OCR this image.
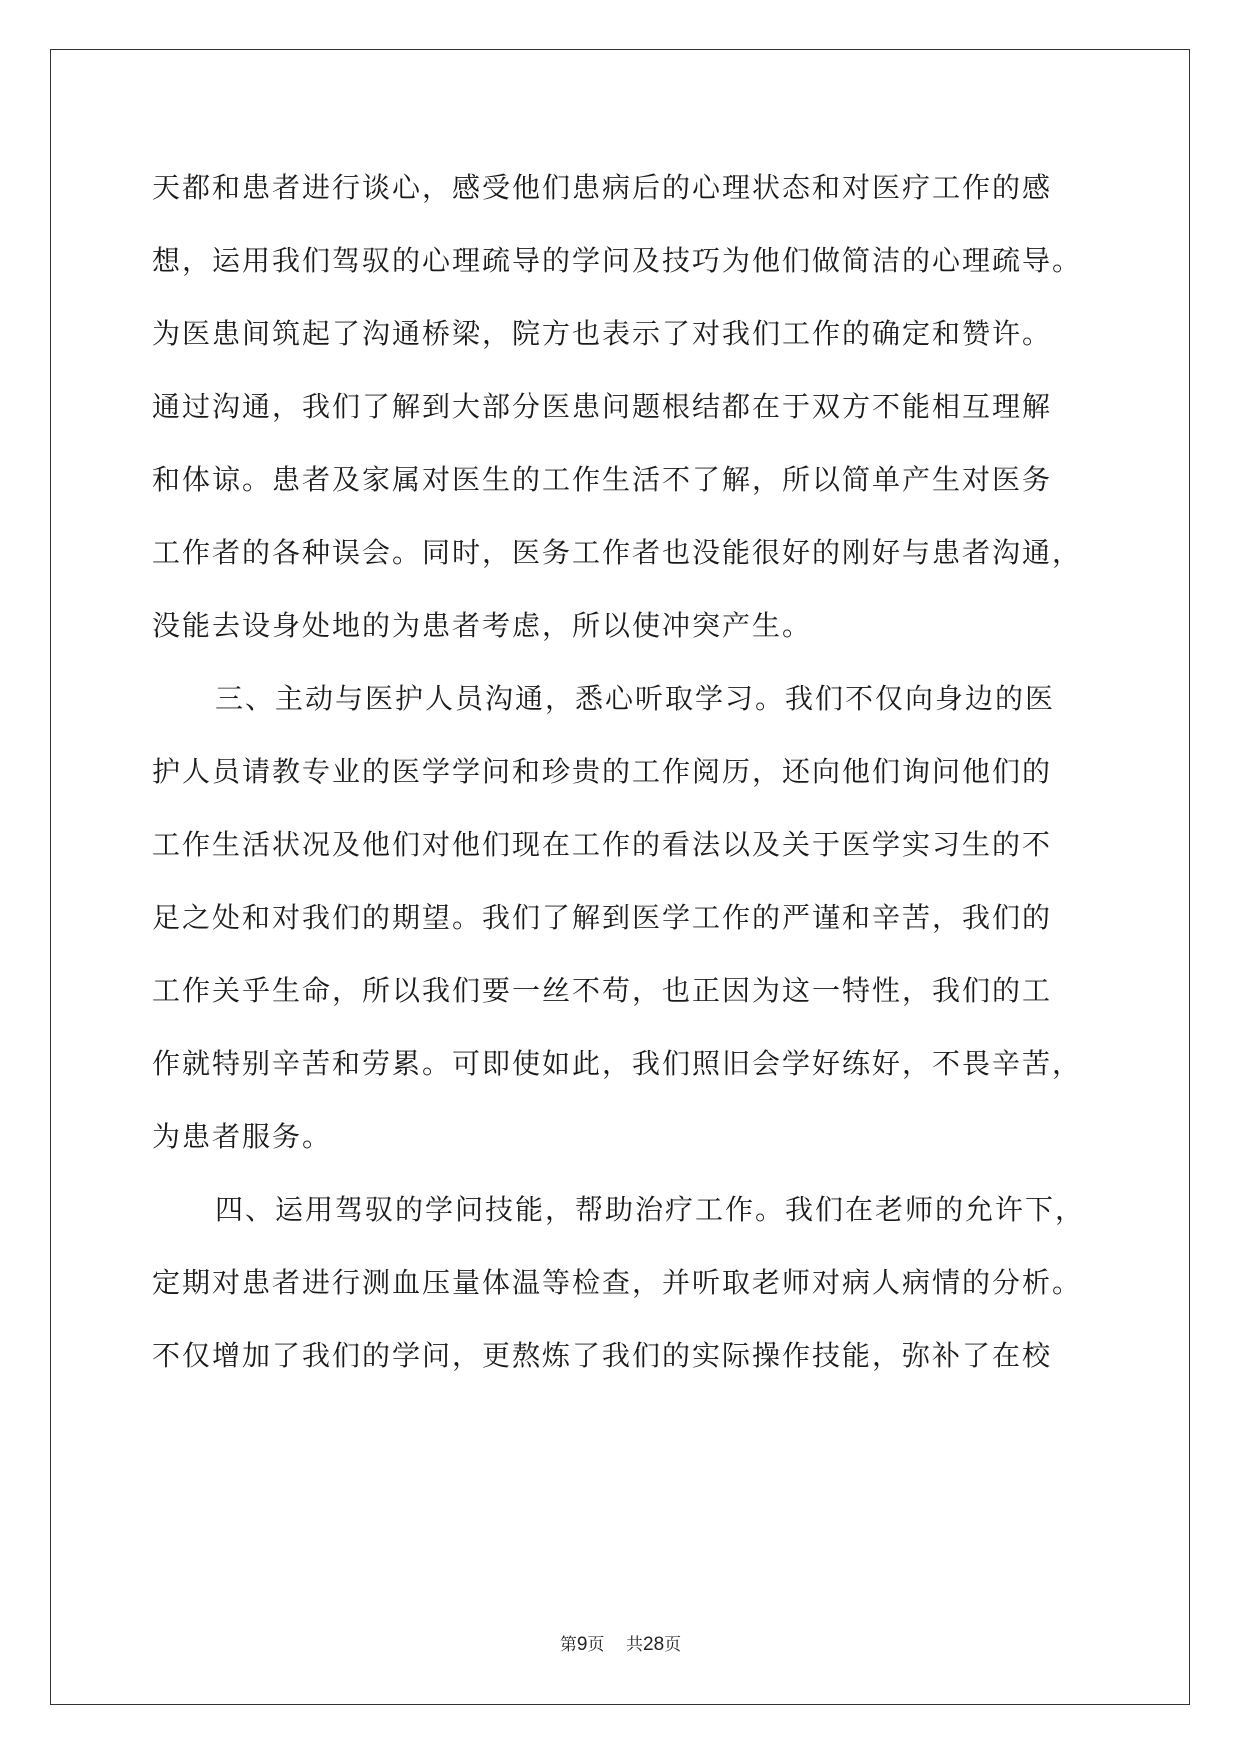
天都和患者进行谈心，感受他们患病后的心理状态和对医疗工作的感
想，运用我们驾驭的心理疏导的学问及技巧为他们做简洁的心理疏导。
为医患间筑起了沟通桥梁，院方也表示了对我们工作的确定和赞许。
通过沟通，我们了解到大部分医患问题根结都在于双方不能相互理解
和体谅。患者及家属对医生的工作生活不了解，所以简单产生对医务
工作者的各种误会。同时，医务工作者也没能很好的刚好与患者沟通，
没能去设身处地的为患者考虑，所以使冲突产生。
三、主动与医护人员沟通，悉心听取学习。我们不仅向身边的医
护人员请教专业的医学学问和珍贵的工作阅历，还向他们询问他们的
工作生活状况及他们对他们现在工作的看法以及关于医学实习生的不
足之处和对我们的期望。我们了解到医学工作的严谨和辛苦，我们的
工作关乎生命，所以我们要一丝不苟，也正因为这一特性，我们的工
作就特别辛苦和劳累。可即使如此，我们照旧会学好练好，不畏辛苦，
为患者服务。
四、运用驾驭的学问技能，帮助治疗工作。我们在老师的允许下，
定期对患者进行测血压量体温等检查，并听取老师对病人病情的分析。
不仅增加了我们的学问，更熬炼了我们的实际操作技能，弥补了在校
第9页 共28页
